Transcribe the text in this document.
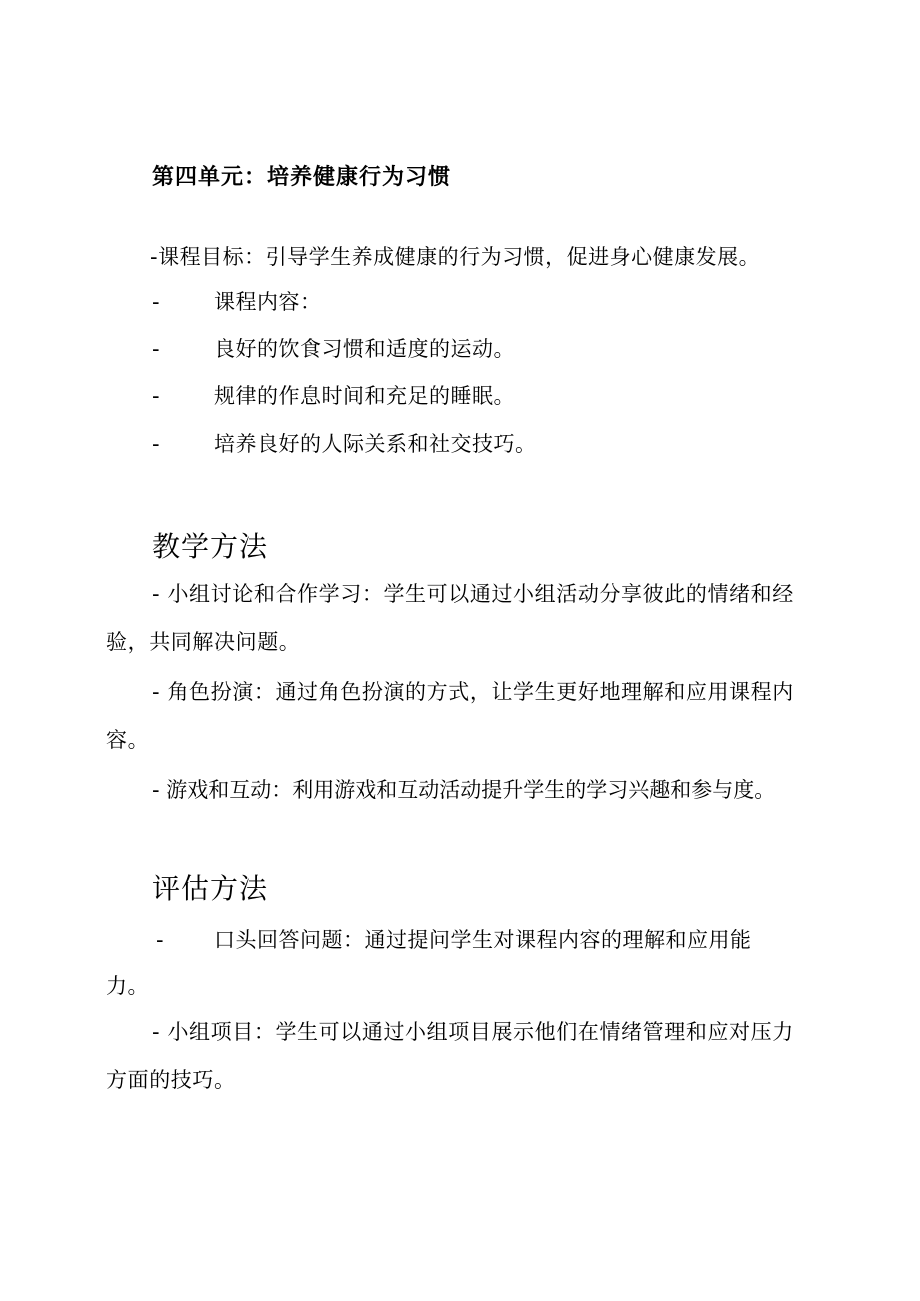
第四单元：培养健康行为习惯
-课程目标：引导学生养成健康的行为习惯，促进身心健康发展。
-	课程内容：
-	良好的饮食习惯和适度的运动。
-	规律的作息时间和充足的睡眠。
-	培养良好的人际关系和社交技巧。
教学方法
- 小组讨论和合作学习：学生可以通过小组活动分享彼此的情绪和经验，共同解决问题。
- 角色扮演：通过角色扮演的方式，让学生更好地理解和应用课程内容。
- 游戏和互动：利用游戏和互动活动提升学生的学习兴趣和参与度。
评估方法
- 口头回答问题：通过提问学生对课程内容的理解和应用能
力。
- 小组项目：学生可以通过小组项目展示他们在情绪管理和应对压力方面的技巧。
